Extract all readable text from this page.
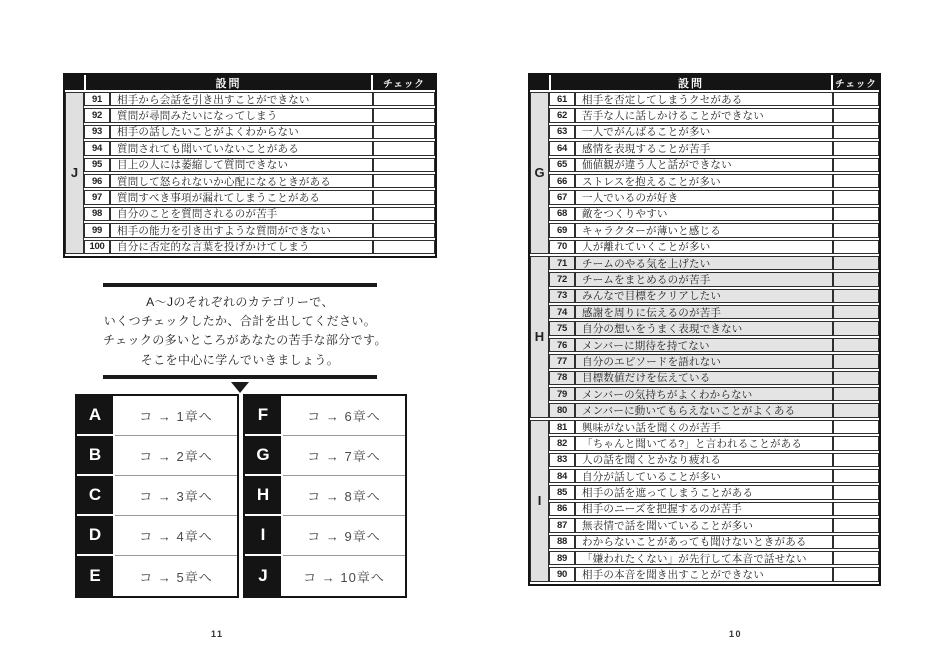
設問	チェック
J
91	相手から会話を引き出すことができない
92	質問が尋問みたいになってしまう
93	相手の話したいことがよくわからない
94	質問されても聞いていないことがある
95	目上の人には萎縮して質問できない
96	質問して怒られないか心配になるときがある
97	質問すべき事項が漏れてしまうことがある
98	自分のことを質問されるのが苦手
99	相手の能力を引き出すような質問ができない
100	自分に否定的な言葉を投げかけてしまう
A〜Jのそれぞれのカテゴリーで、
いくつチェックしたか、合計を出してください。
チェックの多いところがあなたの苦手な部分です。
そこを中心に学んでいきましょう。
A	コ → 1章へ
B	コ → 2章へ
C	コ → 3章へ
D	コ → 4章へ
E	コ → 5章へ
F	コ → 6章へ
G	コ → 7章へ
H	コ → 8章へ
I	コ → 9章へ
J	コ → 10章へ
11
設問	チェック
G
H
I
61	相手を否定してしまうクセがある
62	苦手な人に話しかけることができない
63	一人でがんばることが多い
64	感情を表現することが苦手
65	価値観が違う人と話ができない
66	ストレスを抱えることが多い
67	一人でいるのが好き
68	敵をつくりやすい
69	キャラクターが薄いと感じる
70	人が離れていくことが多い
71	チームのやる気を上げたい
72	チームをまとめるのが苦手
73	みんなで目標をクリアしたい
74	感謝を周りに伝えるのが苦手
75	自分の想いをうまく表現できない
76	メンバーに期待を持てない
77	自分のエピソードを語れない
78	目標数値だけを伝えている
79	メンバーの気持ちがよくわからない
80	メンバーに動いてもらえないことがよくある
81	興味がない話を聞くのが苦手
82	「ちゃんと聞いてる?」と言われることがある
83	人の話を聞くとかなり疲れる
84	自分が話していることが多い
85	相手の話を遮ってしまうことがある
86	相手のニーズを把握するのが苦手
87	無表情で話を聞いていることが多い
88	わからないことがあっても聞けないときがある
89	「嫌われたくない」が先行して本音で話せない
90	相手の本音を聞き出すことができない
10
